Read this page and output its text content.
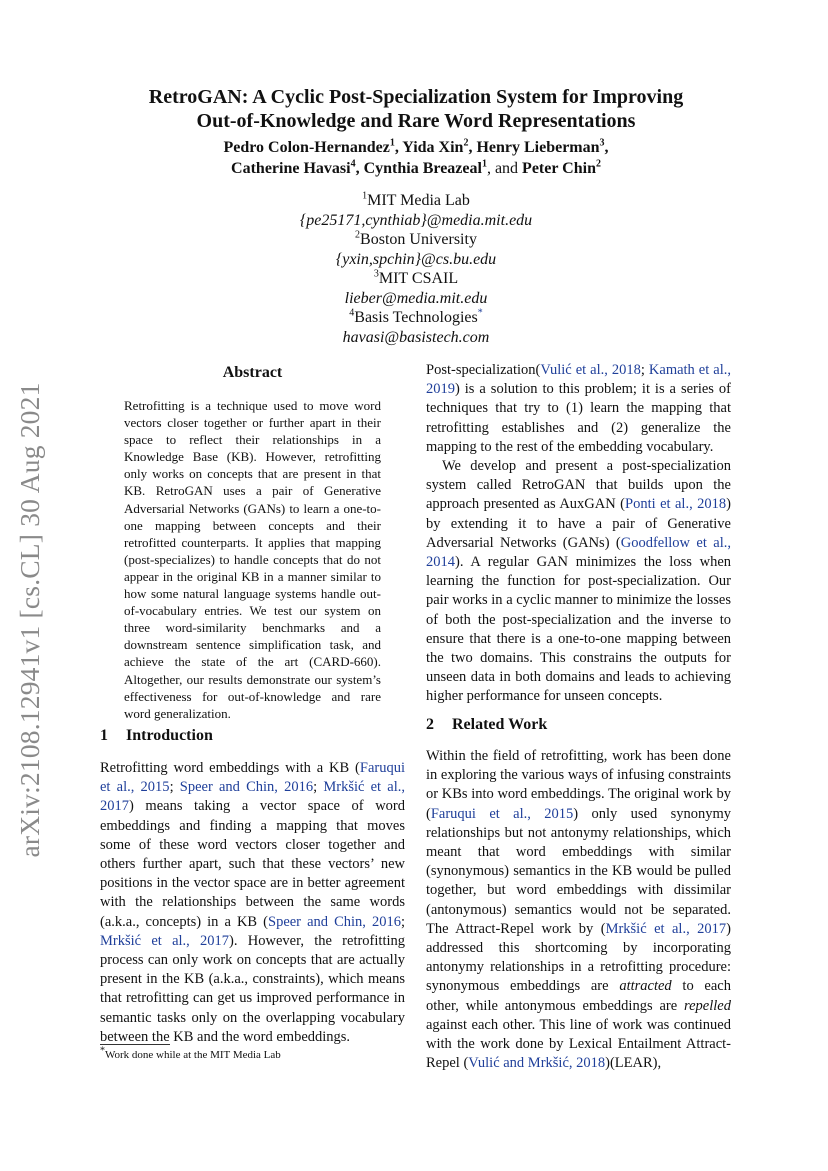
arXiv:2108.12941v1 [cs.CL] 30 Aug 2021
RetroGAN: A Cyclic Post-Specialization System for Improving
Out-of-Knowledge and Rare Word Representations
Pedro Colon-Hernandez$^1$, Yida Xin$^2$, Henry Lieberman$^3$,
Catherine Havasi$^4$, Cynthia Breazeal$^1$, and Peter Chin$^2$
$^1$MIT Media Lab
{pe25171,cynthiab}@media.mit.edu
$^2$Boston University
{yxin,spchin}@cs.bu.edu
$^3$MIT CSAIL
lieber@media.mit.edu
$^4$Basis Technologies*
havasi@basistech.com
Abstract
Retrofitting is a technique used to move word vectors closer together or further apart in their space to reflect their relationships in a Knowledge Base (KB). However, retrofitting only works on concepts that are present in that KB. RetroGAN uses a pair of Generative Adversarial Networks (GANs) to learn a one-to-one mapping between concepts and their retrofitted counterparts. It applies that mapping (post-specializes) to handle concepts that do not appear in the original KB in a manner similar to how some natural language systems handle out-of-vocabulary entries. We test our system on three word-similarity benchmarks and a downstream sentence simplification task, and achieve the state of the art (CARD-660). Altogether, our results demonstrate our system’s effectiveness for out-of-knowledge and rare word generalization.
1 Introduction

Retrofitting word embeddings with a KB (Faruqui et al., 2015; Speer and Chin, 2016; Mrkšić et al., 2017) means taking a vector space of word embeddings and finding a mapping that moves some of these word vectors closer together and others further apart, such that these vectors’ new positions in the vector space are in better agreement with the relationships between the same words (a.k.a., concepts) in a KB (Speer and Chin, 2016; Mrkšić et al., 2017). However, the retrofitting process can only work on concepts that are actually present in the KB (a.k.a., constraints), which means that retrofitting can get us improved performance in semantic tasks only on the overlapping vocabulary between the KB and the word embeddings.

*Work done while at the MIT Media Lab

Post-specialization(Vulić et al., 2018; Kamath et al., 2019) is a solution to this problem; it is a series of techniques that try to (1) learn the mapping that retrofitting establishes and (2) generalize the mapping to the rest of the embedding vocabulary.

We develop and present a post-specialization system called RetroGAN that builds upon the approach presented as AuxGAN (Ponti et al., 2018) by extending it to have a pair of Generative Adversarial Networks (GANs) (Goodfellow et al., 2014). A regular GAN minimizes the loss when learning the function for post-specialization. Our pair works in a cyclic manner to minimize the losses of both the post-specialization and the inverse to ensure that there is a one-to-one mapping between the two domains. This constrains the outputs for unseen data in both domains and leads to achieving higher performance for unseen concepts.

2 Related Work

Within the field of retrofitting, work has been done in exploring the various ways of infusing constraints or KBs into word embeddings. The original work by (Faruqui et al., 2015) only used synonymy relationships but not antonymy relationships, which meant that word embeddings with similar (synonymous) semantics in the KB would be pulled together, but word embeddings with dissimilar (antonymous) semantics would not be separated. The Attract-Repel work by (Mrkšić et al., 2017) addressed this shortcoming by incorporating antonymy relationships in a retrofitting procedure: synonymous embeddings are attracted to each other, while antonymous embeddings are repelled against each other. This line of work was continued with the work done by Lexical Entailment Attract-Repel (Vulić and Mrkšić, 2018)(LEAR),
